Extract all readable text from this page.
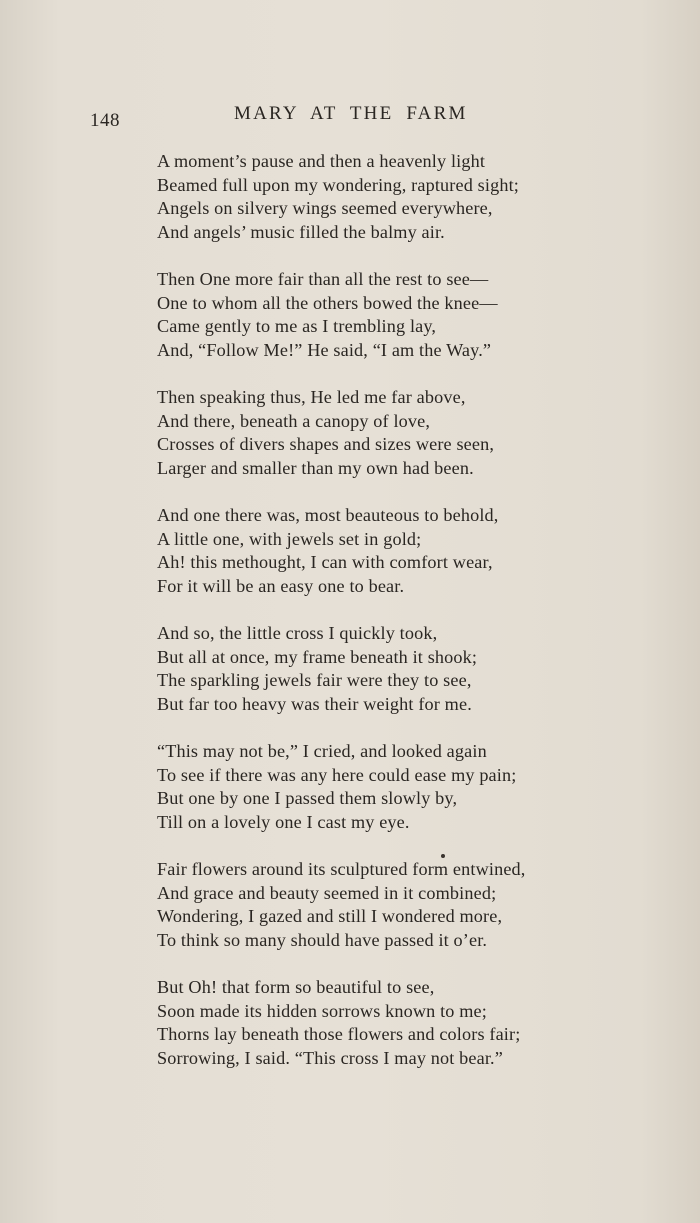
148	MARY AT THE FARM
A moment’s pause and then a heavenly light
Beamed full upon my wondering, raptured sight;
Angels on silvery wings seemed everywhere,
And angels’ music filled the balmy air.
Then One more fair than all the rest to see—
One to whom all the others bowed the knee—
Came gently to me as I trembling lay,
And, “Follow Me!” He said, “I am the Way.”
Then speaking thus, He led me far above,
And there, beneath a canopy of love,
Crosses of divers shapes and sizes were seen,
Larger and smaller than my own had been.
And one there was, most beauteous to behold,
A little one, with jewels set in gold;
Ah! this methought, I can with comfort wear,
For it will be an easy one to bear.
And so, the little cross I quickly took,
But all at once, my frame beneath it shook;
The sparkling jewels fair were they to see,
But far too heavy was their weight for me.
“This may not be,” I cried, and looked again
To see if there was any here could ease my pain;
But one by one I passed them slowly by,
Till on a lovely one I cast my eye.
Fair flowers around its sculptured form entwined,
And grace and beauty seemed in it combined;
Wondering, I gazed and still I wondered more,
To think so many should have passed it o’er.
But Oh! that form so beautiful to see,
Soon made its hidden sorrows known to me;
Thorns lay beneath those flowers and colors fair;
Sorrowing, I said. “This cross I may not bear.”
